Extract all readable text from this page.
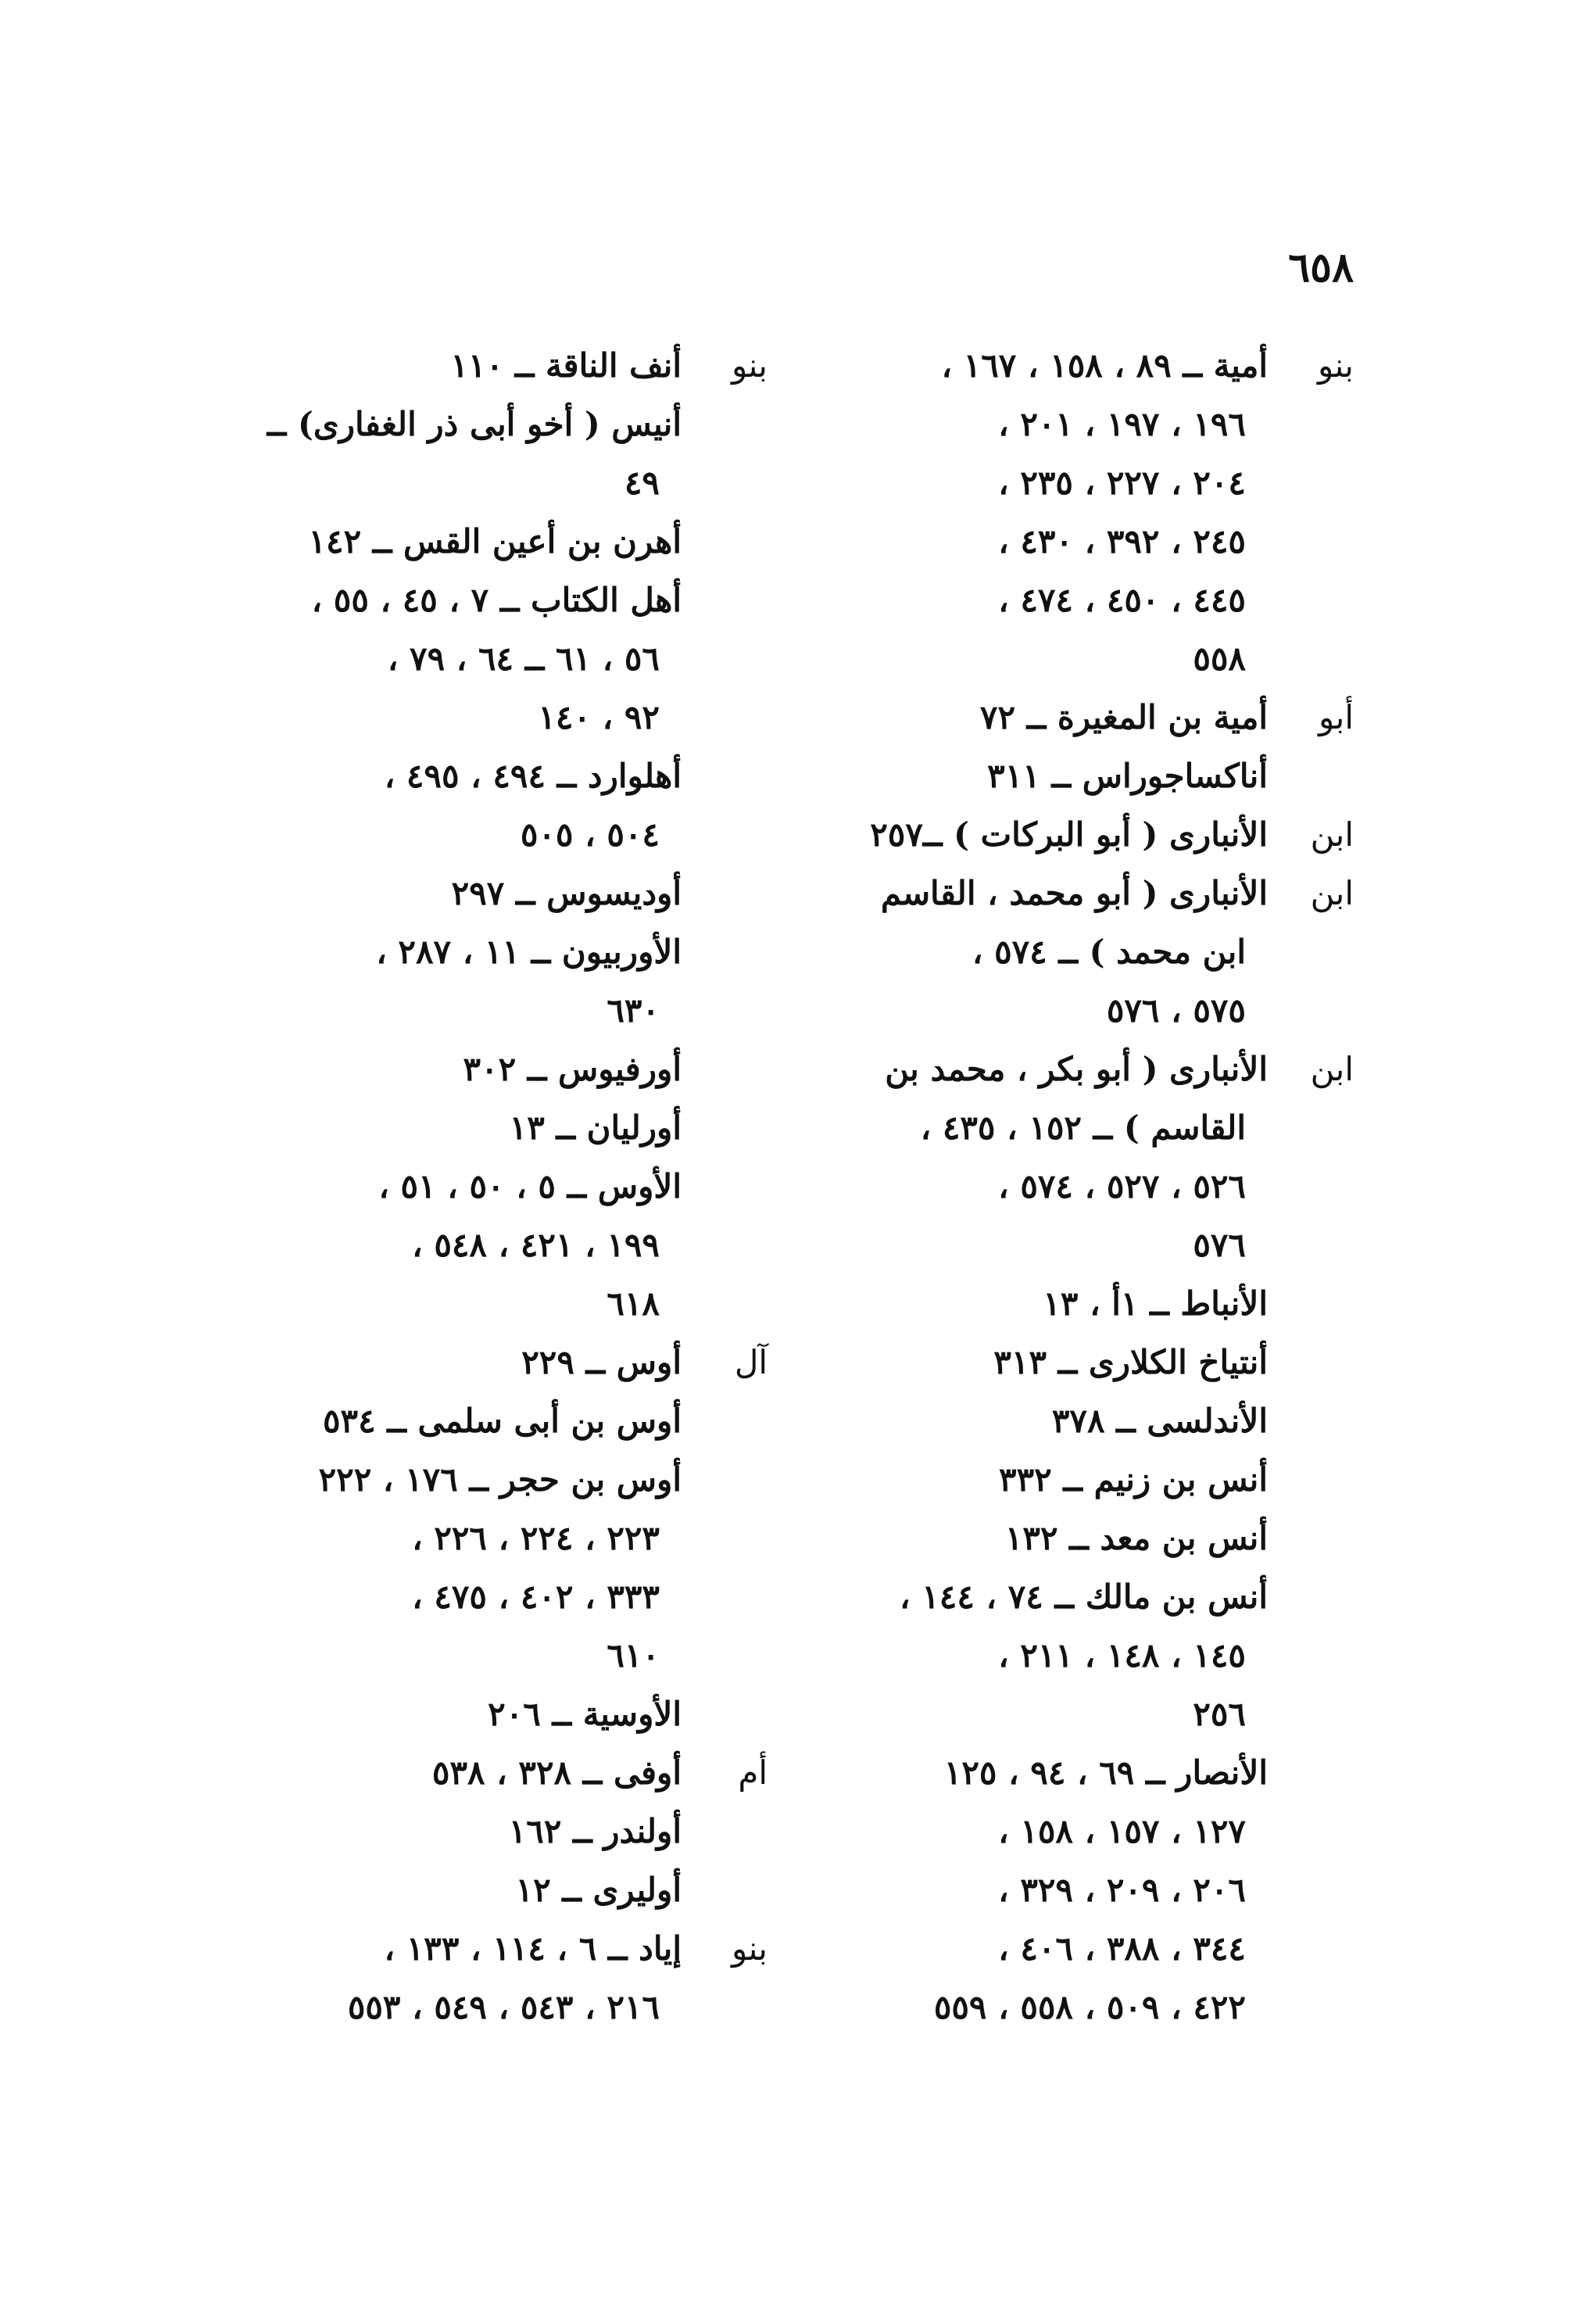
٦٥٨
بنو
أمية ــ ٨٩ ، ١٥٨ ، ١٦٧ ،
١٩٦ ، ١٩٧ ، ٢٠١ ،
٢٠٤ ، ٢٢٧ ، ٢٣٥ ،
٢٤٥ ، ٣٩٢ ، ٤٣٠ ،
٤٤٥ ، ٤٥٠ ، ٤٧٤ ،
٥٥٨
أبو
أمية بن المغيرة ــ ٧٢
أناكساجوراس ــ ٣١١
ابن
الأنبارى ( أبو البركات ) ــ٢٥٧
ابن
الأنبارى ( أبو محمد ، القاسم
ابن محمد ) ــ ٥٧٤ ،
٥٧٥ ، ٥٧٦
ابن
الأنبارى ( أبو بكر ، محمد بن
القاسم ) ــ ١٥٢ ، ٤٣٥ ،
٥٢٦ ، ٥٢٧ ، ٥٧٤ ،
٥٧٦
الأنباط ــ ١أ ، ١٣
أنتياخ الكلارى ــ ٣١٣
الأندلسى ــ ٣٧٨
أنس بن زنيم ــ ٣٣٢
أنس بن معد ــ ١٣٢
أنس بن مالك ــ ٧٤ ، ١٤٤ ،
١٤٥ ، ١٤٨ ، ٢١١ ،
٢٥٦
الأنصار ــ ٦٩ ، ٩٤ ، ١٢٥
١٢٧ ، ١٥٧ ، ١٥٨ ،
٢٠٦ ، ٢٠٩ ، ٣٢٩ ،
٣٤٤ ، ٣٨٨ ، ٤٠٦ ،
٤٢٢ ، ٥٠٩ ، ٥٥٨ ، ٥٥٩
بنو
أنف الناقة ــ ١١٠
أنيس ( أخو أبى ذر الغفارى) ــ
٤٩
أهرن بن أعين القس ــ ١٤٢
أهل الكتاب ــ ٧ ، ٤٥ ، ٥٥ ،
٥٦ ، ٦١ ــ ٦٤ ، ٧٩ ،
٩٢ ، ١٤٠
أهلوارد ــ ٤٩٤ ، ٤٩٥ ،
٥٠٤ ، ٥٠٥
أوديسوس ــ ٢٩٧
الأوربيون ــ ١١ ، ٢٨٧ ،
٦٣٠
أورفيوس ــ ٣٠٢
أورليان ــ ١٣
الأوس ــ ٥ ، ٥٠ ، ٥١ ،
١٩٩ ، ٤٢١ ، ٥٤٨ ،
٦١٨
آل
أوس ــ ٢٢٩
أوس بن أبى سلمى ــ ٥٣٤
أوس بن حجر ــ ١٧٦ ، ٢٢٢
٢٢٣ ، ٢٢٤ ، ٢٢٦ ،
٣٣٣ ، ٤٠٢ ، ٤٧٥ ،
٦١٠
الأوسية ــ ٢٠٦
أم
أوفى ــ ٣٢٨ ، ٥٣٨
أولندر ــ ١٦٢
أوليرى ــ ١٢
بنو
إياد ــ ٦ ، ١١٤ ، ١٣٣ ،
٢١٦ ، ٥٤٣ ، ٥٤٩ ، ٥٥٣
